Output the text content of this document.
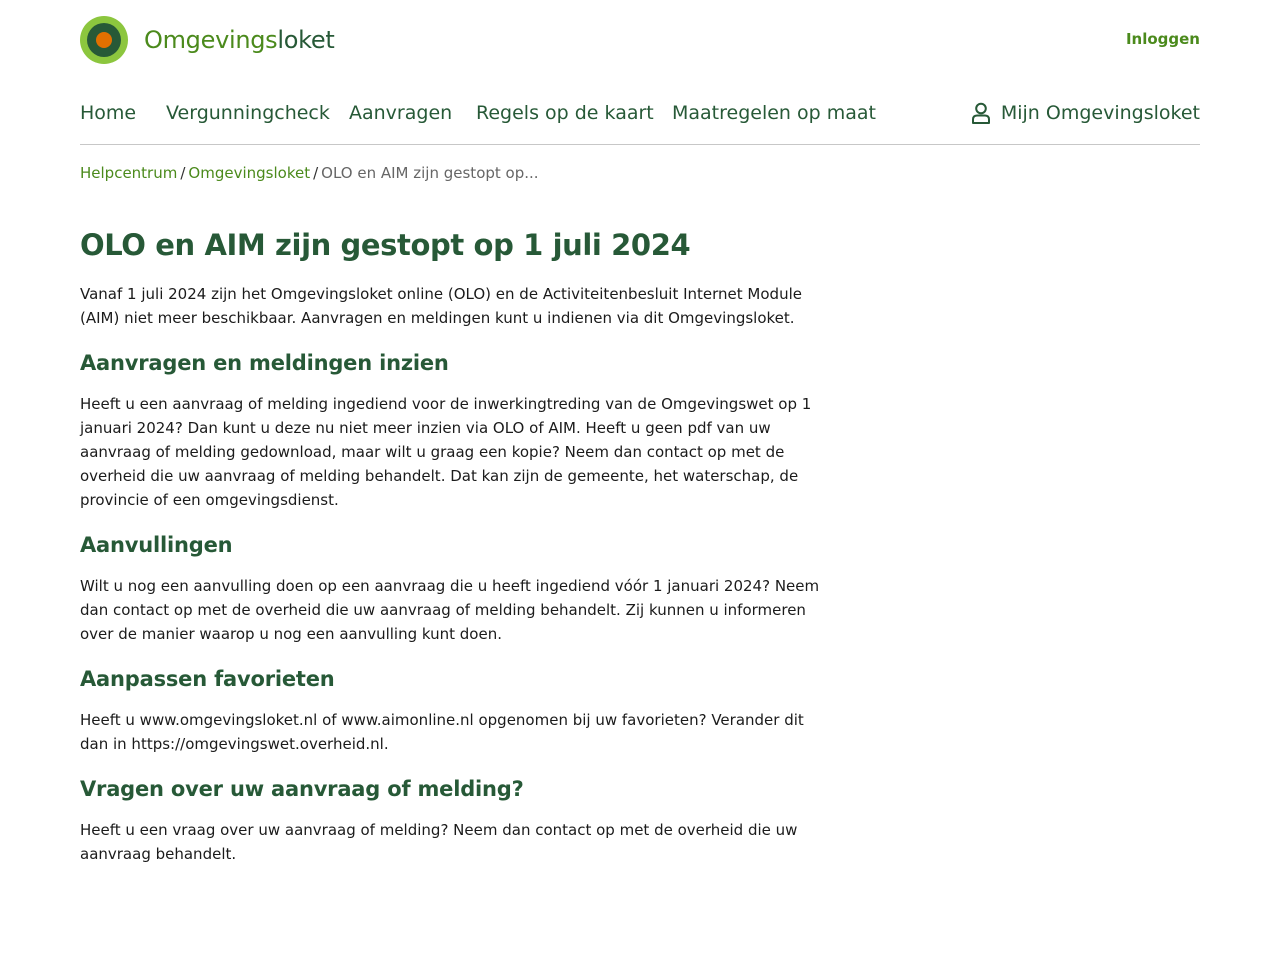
Omgevingsloket	Inloggen
Home Vergunningcheck Aanvragen Regels op de kaart Maatregelen op maat	Mijn Omgevingsloket
Helpcentrum / Omgevingsloket / OLO en AIM zijn gestopt op...
OLO en AIM zijn gestopt op 1 juli 2024

Vanaf 1 juli 2024 zijn het Omgevingsloket online (OLO) en de Activiteitenbesluit Internet Module (AIM) niet meer beschikbaar. Aanvragen en meldingen kunt u indienen via dit Omgevingsloket.

Aanvragen en meldingen inzien

Heeft u een aanvraag of melding ingediend voor de inwerkingtreding van de Omgevingswet op 1 januari 2024? Dan kunt u deze nu niet meer inzien via OLO of AIM. Heeft u geen pdf van uw aanvraag of melding gedownload, maar wilt u graag een kopie? Neem dan contact op met de overheid die uw aanvraag of melding behandelt. Dat kan zijn de gemeente, het waterschap, de provincie of een omgevingsdienst.

Aanvullingen

Wilt u nog een aanvulling doen op een aanvraag die u heeft ingediend vóór 1 januari 2024? Neem dan contact op met de overheid die uw aanvraag of melding behandelt. Zij kunnen u informeren over de manier waarop u nog een aanvulling kunt doen.

Aanpassen favorieten

Heeft u www.omgevingsloket.nl of www.aimonline.nl opgenomen bij uw favorieten? Verander dit dan in https://omgevingswet.overheid.nl.

Vragen over uw aanvraag of melding?

Heeft u een vraag over uw aanvraag of melding? Neem dan contact op met de overheid die uw aanvraag behandelt.
